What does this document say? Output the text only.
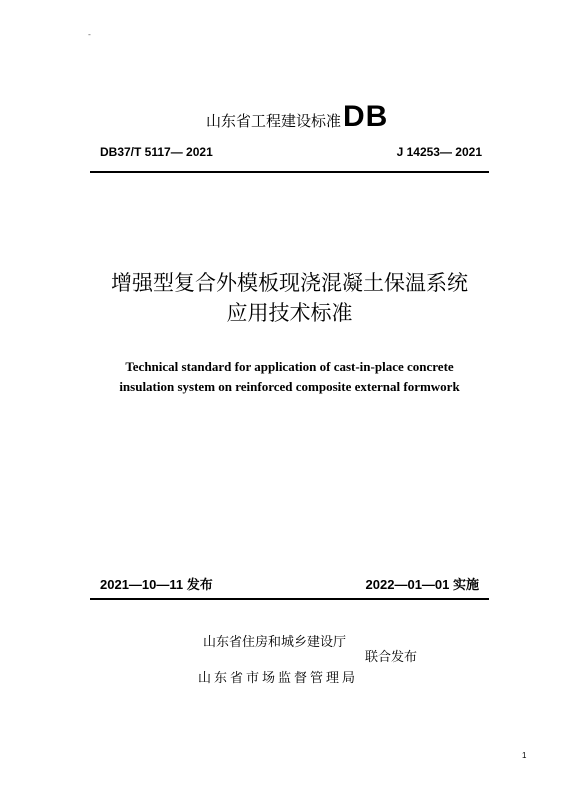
-
山东省工程建设标准DB
DB37/T 5117— 2021	J 14253— 2021
增强型复合外模板现浇混凝土保温系统
应用技术标准
Technical standard for application of cast-in-place concrete
insulation system on reinforced composite external formwork
2021—10—11 发布	2022—01—01 实施
山东省住房和城乡建设厅
山东省市场监督管理局
联合发布
1
